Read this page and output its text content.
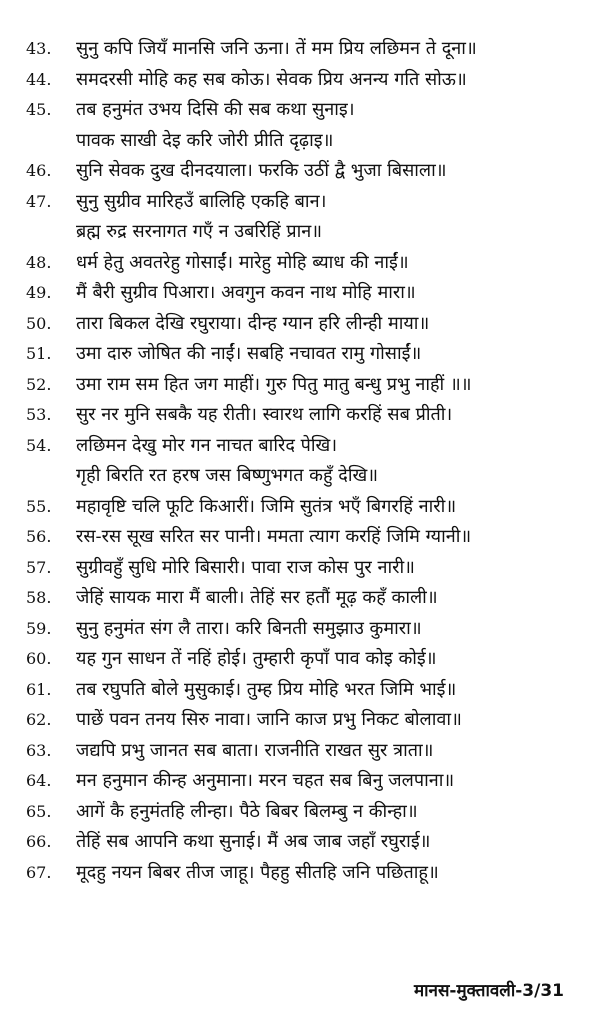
43.	सुनु कपि जियँ मानसि जनि ऊना। तें मम प्रिय लछिमन ते दूना॥
44.	समदरसी मोहि कह सब कोऊ। सेवक प्रिय अनन्य गति सोऊ॥
45.	तब हनुमंत उभय दिसि की सब कथा सुनाइ।
पावक साखी देइ करि जोरी प्रीति दृढ़ाइ॥
46.	सुनि सेवक दुख दीनदयाला। फरकि उठीं द्वै भुजा बिसाला॥
47.	सुनु सुग्रीव मारिहउँ बालिहि एकहि बान।
ब्रह्म रुद्र सरनागत गएँ न उबरिहिं प्रान॥
48.	धर्म हेतु अवतरेहु गोसाईं। मारेहु मोहि ब्याध की नाईं॥
49.	मैं बैरी सुग्रीव पिआरा। अवगुन कवन नाथ मोहि मारा॥
50.	तारा बिकल देखि रघुराया। दीन्ह ग्यान हरि लीन्ही माया॥
51.	उमा दारु जोषित की नाईं। सबहि नचावत रामु गोसाईं॥
52.	उमा राम सम हित जग माहीं। गुरु पितु मातु बन्धु प्रभु नाहीं ॥॥
53.	सुर नर मुनि सबकै यह रीती। स्वारथ लागि करहिं सब प्रीती।
54.	लछिमन देखु मोर गन नाचत बारिद पेखि।
गृही बिरति रत हरष जस बिष्णुभगत कहुँ देखि॥
55.	महावृष्टि चलि फूटि किआरीं। जिमि सुतंत्र भएँ बिगरहिं नारी॥
56.	रस-रस सूख सरित सर पानी। ममता त्याग करहिं जिमि ग्यानी॥
57.	सुग्रीवहुँ सुधि मोरि बिसारी। पावा राज कोस पुर नारी॥
58.	जेहिं सायक मारा मैं बाली। तेहिं सर हतौं मूढ़ कहँ काली॥
59.	सुनु हनुमंत संग लै तारा। करि बिनती समुझाउ कुमारा॥
60.	यह गुन साधन तें नहिं होई। तुम्हारी कृपाँ पाव कोइ कोई॥
61.	तब रघुपति बोले मुसुकाई। तुम्ह प्रिय मोहि भरत जिमि भाई॥
62.	पाछें पवन तनय सिरु नावा। जानि काज प्रभु निकट बोलावा॥
63.	जद्यपि प्रभु जानत सब बाता। राजनीति राखत सुर त्राता॥
64.	मन हनुमान कीन्ह अनुमाना। मरन चहत सब बिनु जलपाना॥
65.	आगें कै हनुमंतहि लीन्हा। पैठे बिबर बिलम्बु न कीन्हा॥
66.	तेहिं सब आपनि कथा सुनाई। मैं अब जाब जहाँ रघुराई॥
67.	मूदहु नयन बिबर तीज जाहू। पैहहु सीतहि जनि पछिताहू॥
मानस-मुक्तावली-3/31
